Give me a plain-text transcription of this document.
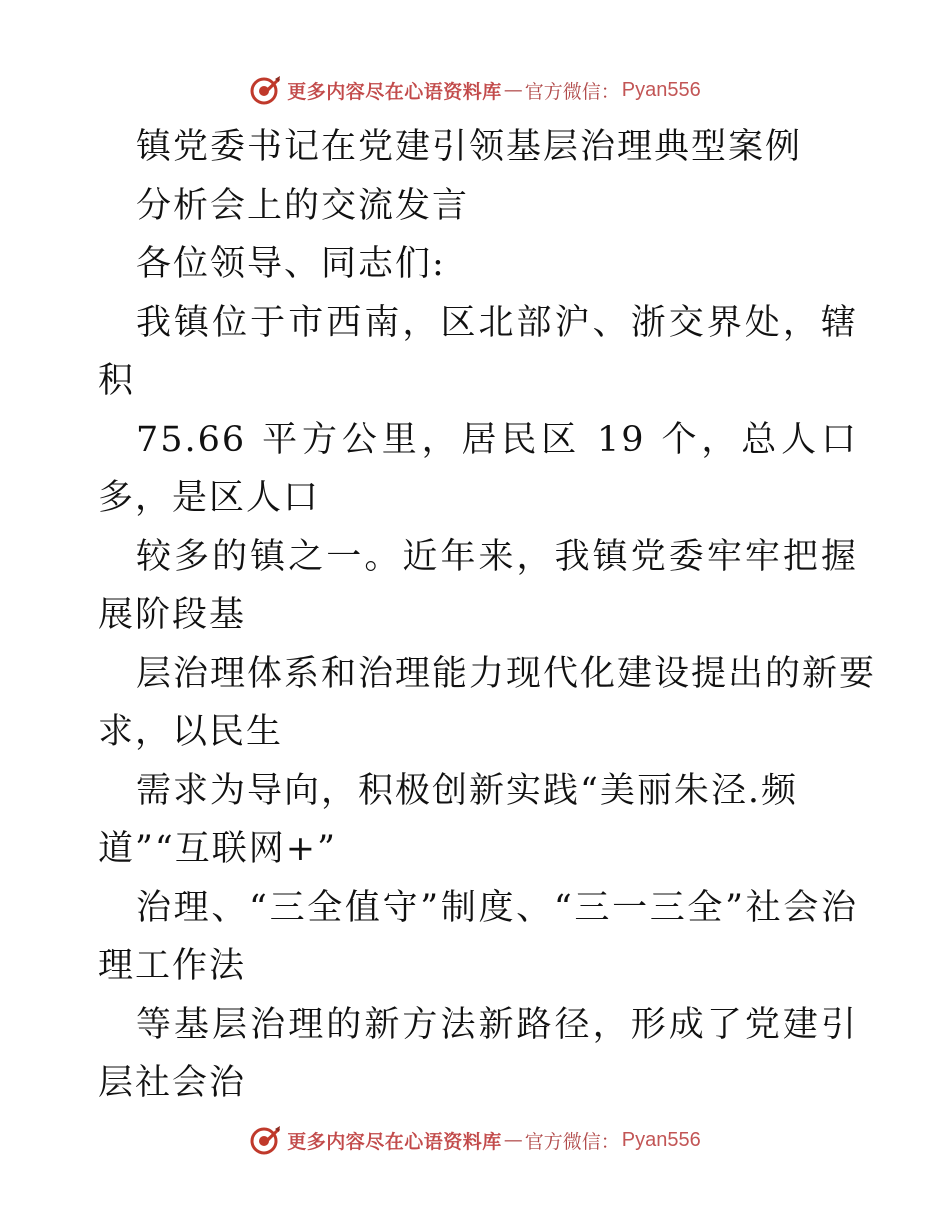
更多内容尽在心语资料库 — 官方微信： Pyan556
镇党委书记在党建引领基层治理典型案例
分析会上的交流发言
各位领导、同志们:
我镇位于市西南，区北部沪、浙交界处，辖
积
75.66 平方公里，居民区 19 个，总人口
多，是区人口
较多的镇之一。近年来，我镇党委牢牢把握
展阶段基
层治理体系和治理能力现代化建设提出的新要
求，以民生
需求为导向，积极创新实践“美丽朱泾.频
道”“互联网+”
治理、“三全值守”制度、“三一三全”社会治
理工作法
等基层治理的新方法新路径，形成了党建引
层社会治
更多内容尽在心语资料库 — 官方微信： Pyan556
